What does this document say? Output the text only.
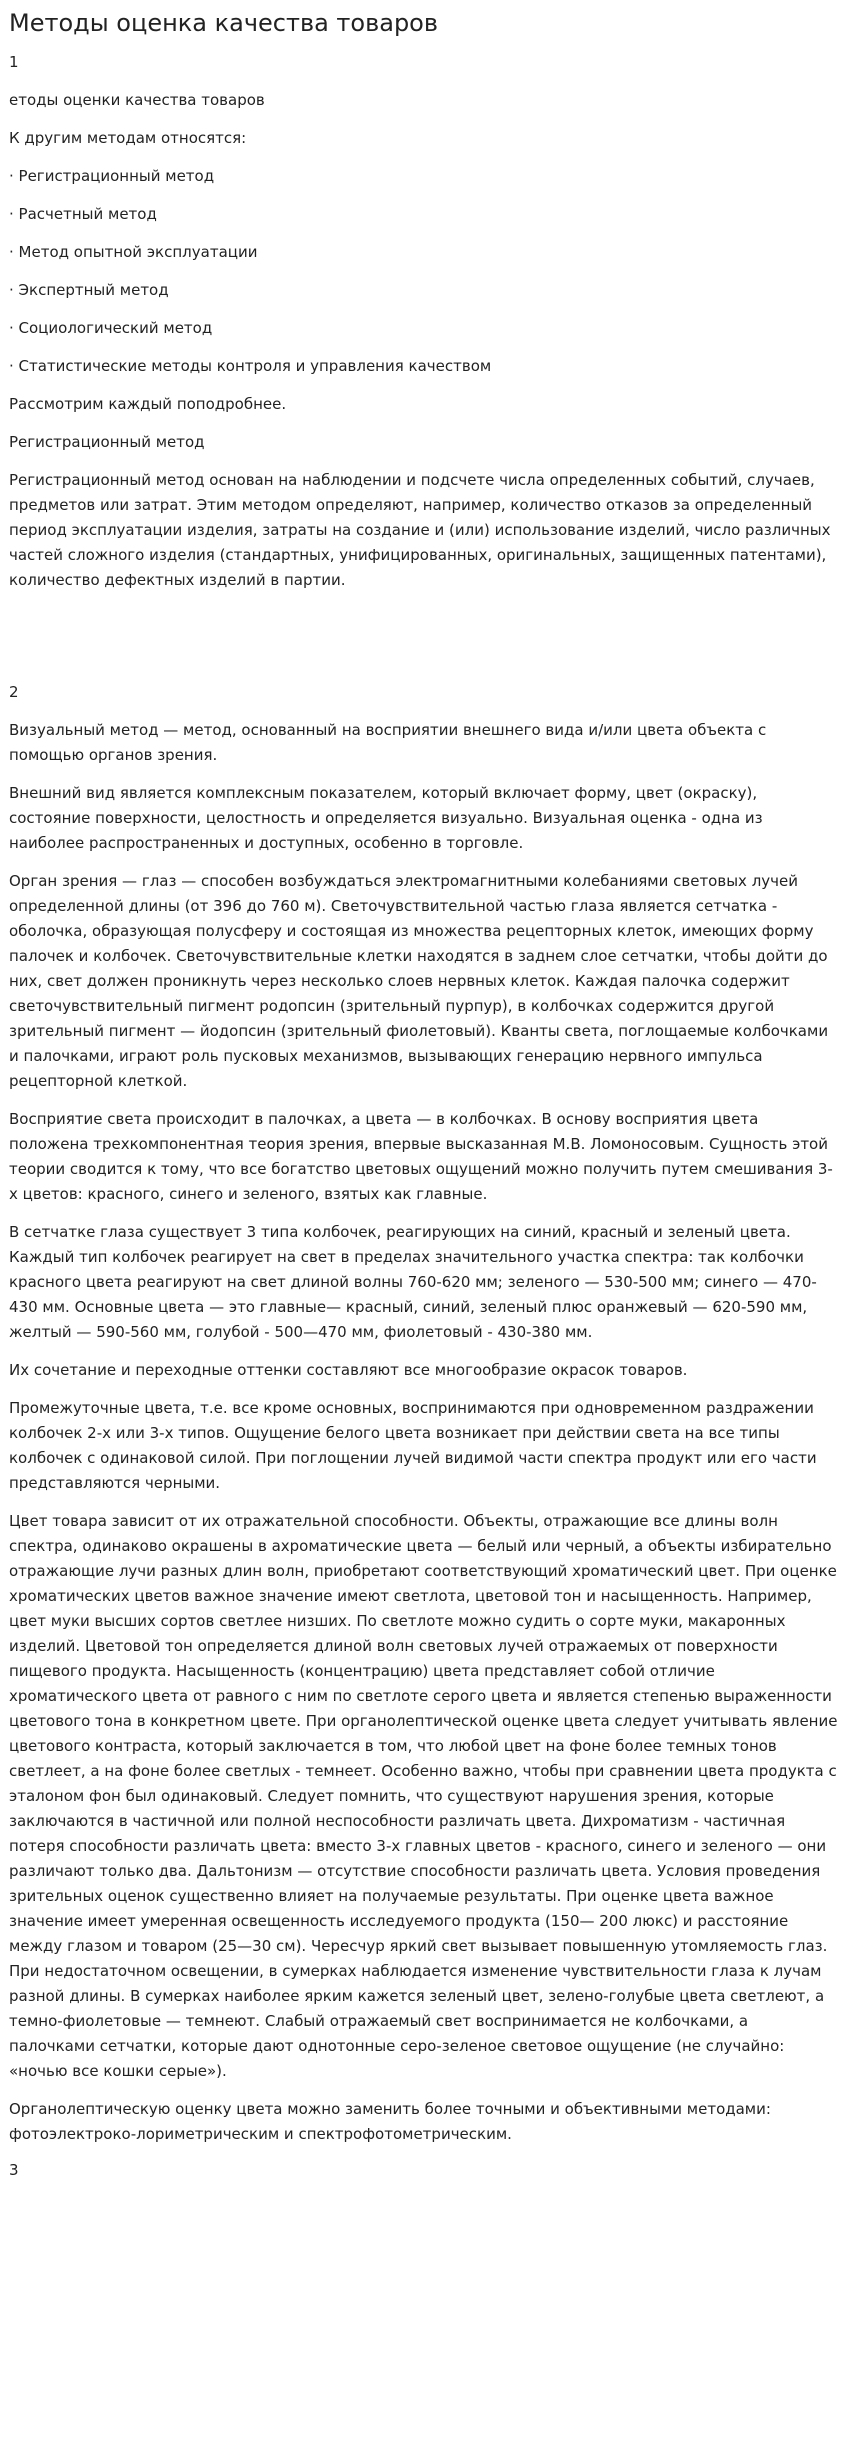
Методы оценка качества товаров
1

етоды оценки качества товаров

К другим методам относятся:

· Регистрационный метод

· Расчетный метод

· Метод опытной эксплуатации

· Экспертный метод

· Социологический метод

· Статистические методы контроля и управления качеством

Рассмотрим каждый поподробнее.

Регистрационный метод

Регистрационный метод основан на наблюдении и подсчете числа определенных событий, случаев, предметов или затрат. Этим методом определяют, например, количество отказов за определенный период эксплуатации изделия, затраты на создание и (или) использование изделий, число различных частей сложного изделия (стандартных, унифицированных, оригинальных, защищенных патентами), количество дефектных изделий в партии.

2

Визуальный метод — метод, основанный на восприятии внешнего вида и/или цвета объекта с помощью органов зрения.

Внешний вид является комплексным показателем, который включает форму, цвет (окраску), состояние поверхности, целостность и определяется визуально. Визуальная оценка - одна из наиболее распространенных и доступных, особенно в торговле.

Орган зрения — глаз — способен возбуждаться электромагнитными колебаниями световых лучей определенной длины (от 396 до 760 м). Светочувствительной частью глаза является сетчатка - оболочка, образующая полусферу и состоящая из множества рецепторных клеток, имеющих форму палочек и колбочек. Светочувствительные клетки находятся в заднем слое сетчатки, чтобы дойти до них, свет должен проникнуть через несколько слоев нервных клеток. Каждая палочка содержит светочувствительный пигмент родопсин (зрительный пурпур), в колбочках содержится другой зрительный пигмент — йодопсин (зрительный фиолетовый). Кванты света, поглощаемые колбочками и палочками, играют роль пусковых механизмов, вызывающих генерацию нервного импульса рецепторной клеткой.

Восприятие света происходит в палочках, а цвета — в колбочках. В основу восприятия цвета положена трехкомпонентная теория зрения, впервые высказанная М.В. Ломоносовым. Сущность этой теории сводится к тому, что все богатство цветовых ощущений можно получить путем смешивания 3-х цветов: красного, синего и зеленого, взятых как главные.

В сетчатке глаза существует 3 типа колбочек, реагирующих на синий, красный и зеленый цвета. Каждый тип колбочек реагирует на свет в пределах значительного участка спектра: так колбочки красного цвета реагируют на свет длиной волны 760-620 мм; зеленого — 530-500 мм; синего — 470-430 мм. Основные цвета — это главные— красный, синий, зеленый плюс оранжевый — 620-590 мм, желтый — 590-560 мм, голубой - 500—470 мм, фиолетовый - 430-380 мм.

Их сочетание и переходные оттенки составляют все многообразие окрасок товаров.

Промежуточные цвета, т.е. все кроме основных, воспринимаются при одновременном раздражении колбочек 2-х или 3-х типов. Ощущение белого цвета возникает при действии света на все типы колбочек с одинаковой силой. При поглощении лучей видимой части спектра продукт или его части представляются черными.

Цвет товара зависит от их отражательной способности. Объекты, отражающие все длины волн спектра, одинаково окрашены в ахроматические цвета — белый или черный, а объекты избирательно отражающие лучи разных длин волн, приобретают соответствующий хроматический цвет. При оценке хроматических цветов важное значение имеют светлота, цветовой тон и насыщенность. Например, цвет муки высших сортов светлее низших. По светлоте можно судить о сорте муки, макаронных изделий. Цветовой тон определяется длиной волн световых лучей отражаемых от поверхности пищевого продукта. Насыщенность (концентрацию) цвета представляет собой отличие хроматического цвета от равного с ним по светлоте серого цвета и является степенью выраженности цветового тона в конкретном цвете. При органолептической оценке цвета следует учитывать явление цветового контраста, который заключается в том, что любой цвет на фоне более темных тонов светлеет, а на фоне более светлых - темнеет. Особенно важно, чтобы при сравнении цвета продукта с эталоном фон был одинаковый. Следует помнить, что существуют нарушения зрения, которые заключаются в частичной или полной неспособности различать цвета. Дихроматизм - частичная потеря способности различать цвета: вместо 3-х главных цветов - красного, синего и зеленого — они различают только два. Дальтонизм — отсутствие способности различать цвета. Условия проведения зрительных оценок существенно влияет на получаемые результаты. При оценке цвета важное значение имеет умеренная освещенность исследуемого продукта (150— 200 люкс) и расстояние между глазом и товаром (25—30 см). Чересчур яркий свет вызывает повышенную утомляемость глаз. При недостаточном освещении, в сумерках наблюдается изменение чувствительности глаза к лучам разной длины. В сумерках наиболее ярким кажется зеленый цвет, зелено-голубые цвета светлеют, а темно-фиолетовые — темнеют. Слабый отражаемый свет воспринимается не колбочками, а палочками сетчатки, которые дают однотонные серо-зеленое световое ощущение (не случайно: «ночью все кошки серые»).

Органолептическую оценку цвета можно заменить более точными и объективными методами: фотоэлектроко-лориметрическим и спектрофотометрическим.

3
